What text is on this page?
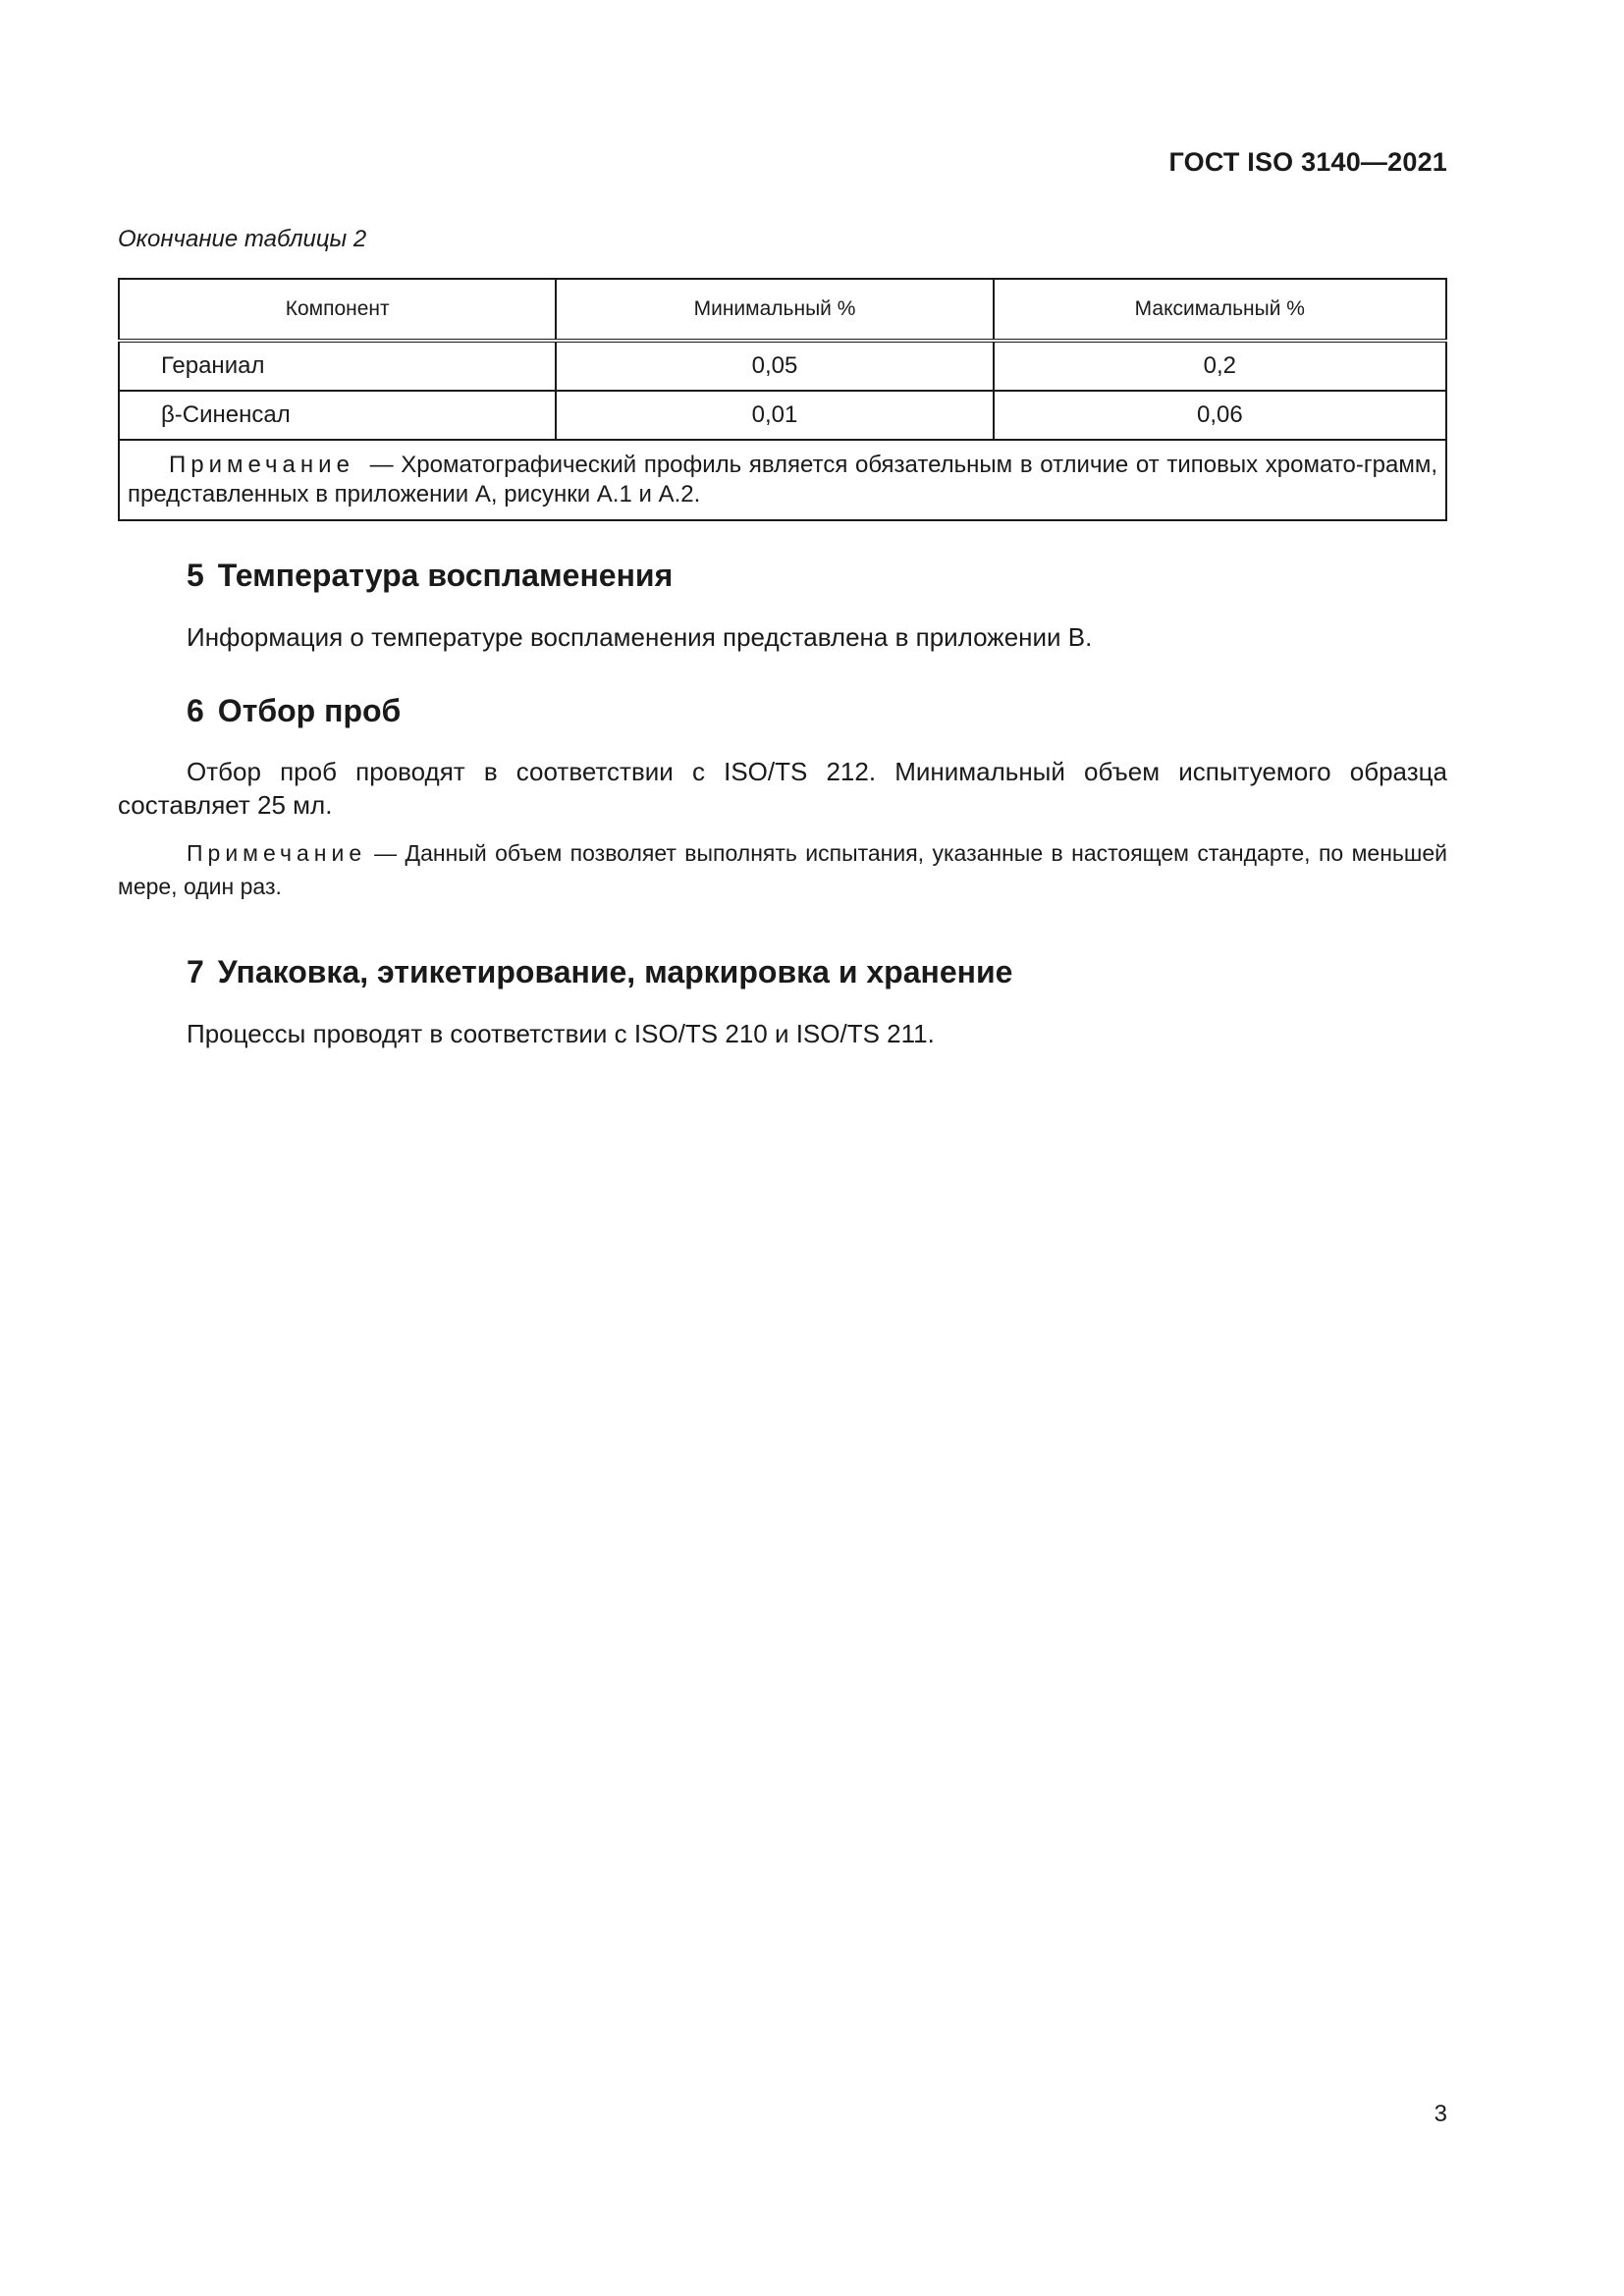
ГОСТ ISO 3140—2021
Окончание таблицы 2
Компонент	Минимальный %	Максимальный %
Гераниал	0,05	0,2
β-Синенсал	0,01	0,06
Примечание — Хроматографический профиль является обязательным в отличие от типовых хромато-грамм, представленных в приложении А, рисунки А.1 и А.2.		
5 Температура воспламенения

Информация о температуре воспламенения представлена в приложении В.

6 Отбор проб

Отбор проб проводят в соответствии с ISO/TS 212. Минимальный объем испытуемого образца составляет 25 мл.

Примечание — Данный объем позволяет выполнять испытания, указанные в настоящем стандарте, по меньшей мере, один раз.

7 Упаковка, этикетирование, маркировка и хранение

Процессы проводят в соответствии с ISO/TS 210 и ISO/TS 211.

3
